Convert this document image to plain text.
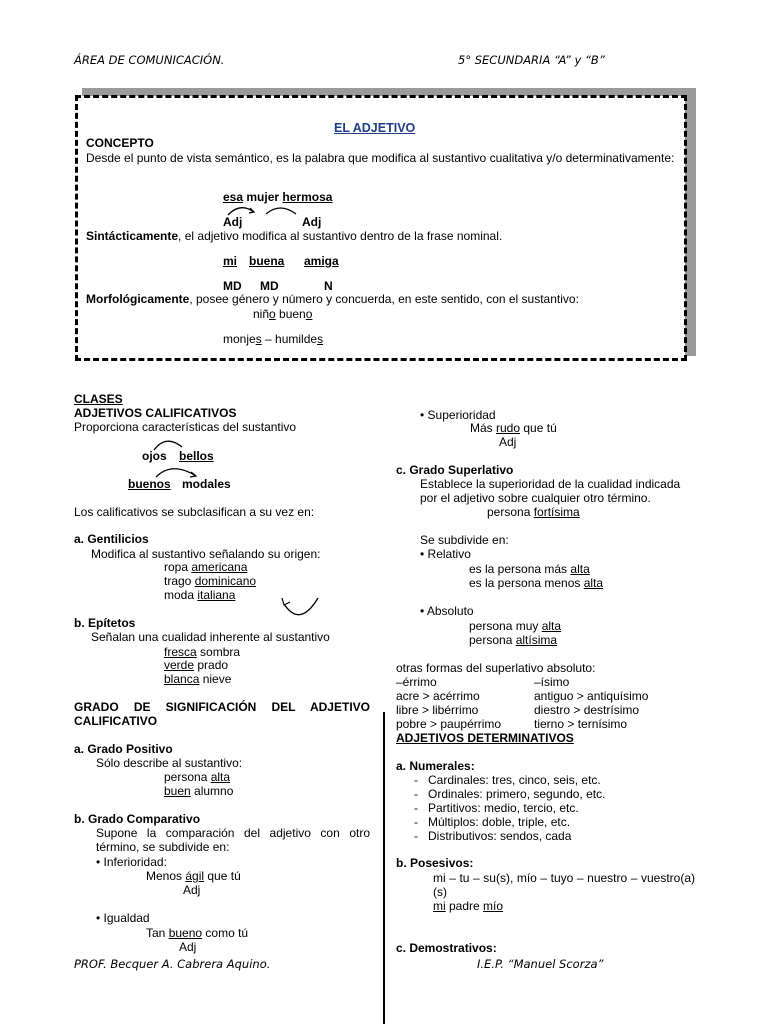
ÁREA DE COMUNICACIÓN.	5° SECUNDARIA “A” y “B”
EL ADJETIVO
CONCEPTO
Desde el punto de vista semántico, es la palabra que modifica al sustantivo cualitativa y/o determinativamente:
esa mujer hermosa
Adj	Adj
Sintácticamente, el adjetivo modifica al sustantivo dentro de la frase nominal.
mi buena amiga
MD MD	N
Morfológicamente, posee género y número y concuerda, en este sentido, con el sustantivo:
niño bueno
monjes – humildes
CLASES
ADJETIVOS CALIFICATIVOS
Proporciona características del sustantivo
ojos bellos
buenos modales
Los calificativos se subclasifican a su vez en:
a. Gentilicios
Modifica al sustantivo señalando su origen:
ropa americana
trago dominicano
moda italiana
b. Epítetos
Señalan una cualidad inherente al sustantivo
fresca sombra
verde prado
blanca nieve
GRADO DE SIGNIFICACIÓN DEL ADJETIVO CALIFICATIVO
a. Grado Positivo
Sólo describe al sustantivo:
persona alta
buen alumno
b. Grado Comparativo
Supone la comparación del adjetivo con otro término, se subdivide en:
• Inferioridad:
Menos ágil que tú
Adj
• Igualdad
Tan bueno como tú
Adj
• Superioridad
Más rudo que tú
Adj
c. Grado Superlativo
Establece la superioridad de la cualidad indicada por el adjetivo sobre cualquier otro término.
persona fortísima
Se subdivide en:
• Relativo
es la persona más alta
es la persona menos alta
• Absoluto
persona muy alta
persona altísima
otras formas del superlativo absoluto:
–érrimo	–ísimo
acre > acérrimo	antiguo > antiquísimo
libre > libérrimo	diestro > destrísimo
pobre > paupérrimo	tierno > ternísimo
ADJETIVOS DETERMINATIVOS
a. Numerales:
-   Cardinales: tres, cinco, seis, etc.
-   Ordinales: primero, segundo, etc.
-   Partitivos: medio, tercio, etc.
-   Múltiplos: doble, triple, etc.
-   Distributivos: sendos, cada
b. Posesivos:
mi – tu – su(s), mío – tuyo – nuestro – vuestro(a)(s)
mi padre mío
c. Demostrativos:
PROF. Becquer A. Cabrera Aquino.	I.E.P. “Manuel Scorza”
